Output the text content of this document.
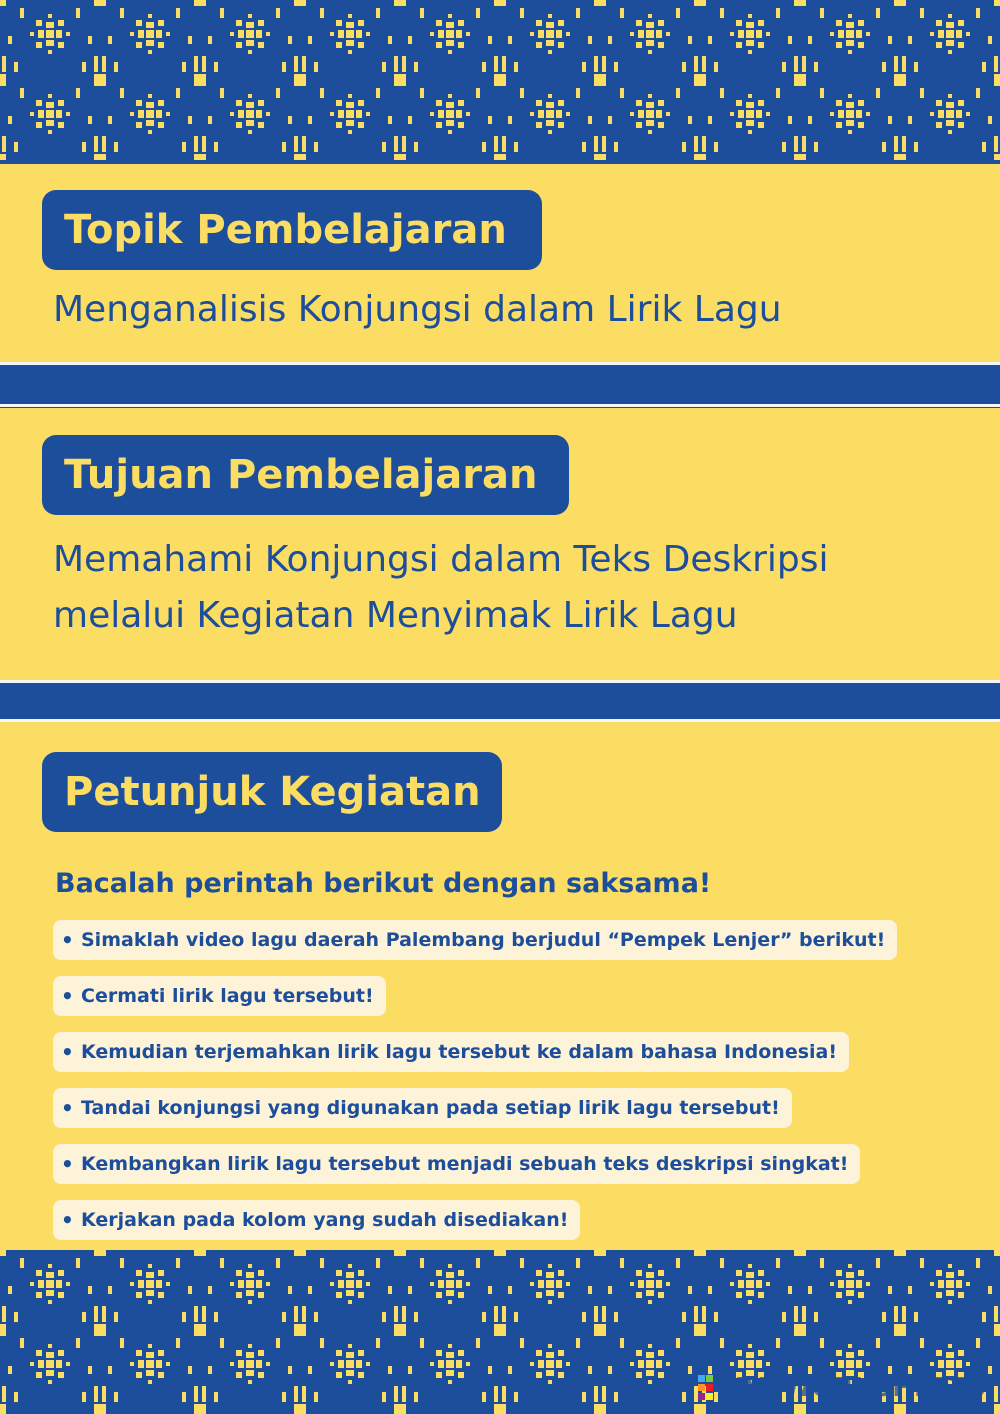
Topik Pembelajaran

Menganalisis Konjungsi dalam Lirik Lagu

Tujuan Pembelajaran

Memahami Konjungsi dalam Teks Deskripsi
melalui Kegiatan Menyimak Lirik Lagu

Petunjuk Kegiatan

Bacalah perintah berikut dengan saksama!

• Simaklah video lagu daerah Palembang berjudul “Pempek Lenjer” berikut!
• Cermati lirik lagu tersebut!
• Kemudian terjemahkan lirik lagu tersebut ke dalam bahasa Indonesia!
• Tandai konjungsi yang digunakan pada setiap lirik lagu tersebut!
• Kembangkan lirik lagu tersebut menjadi sebuah teks deskripsi singkat!
• Kerjakan pada kolom yang sudah disediakan!
LIVEWORKSHEETS
